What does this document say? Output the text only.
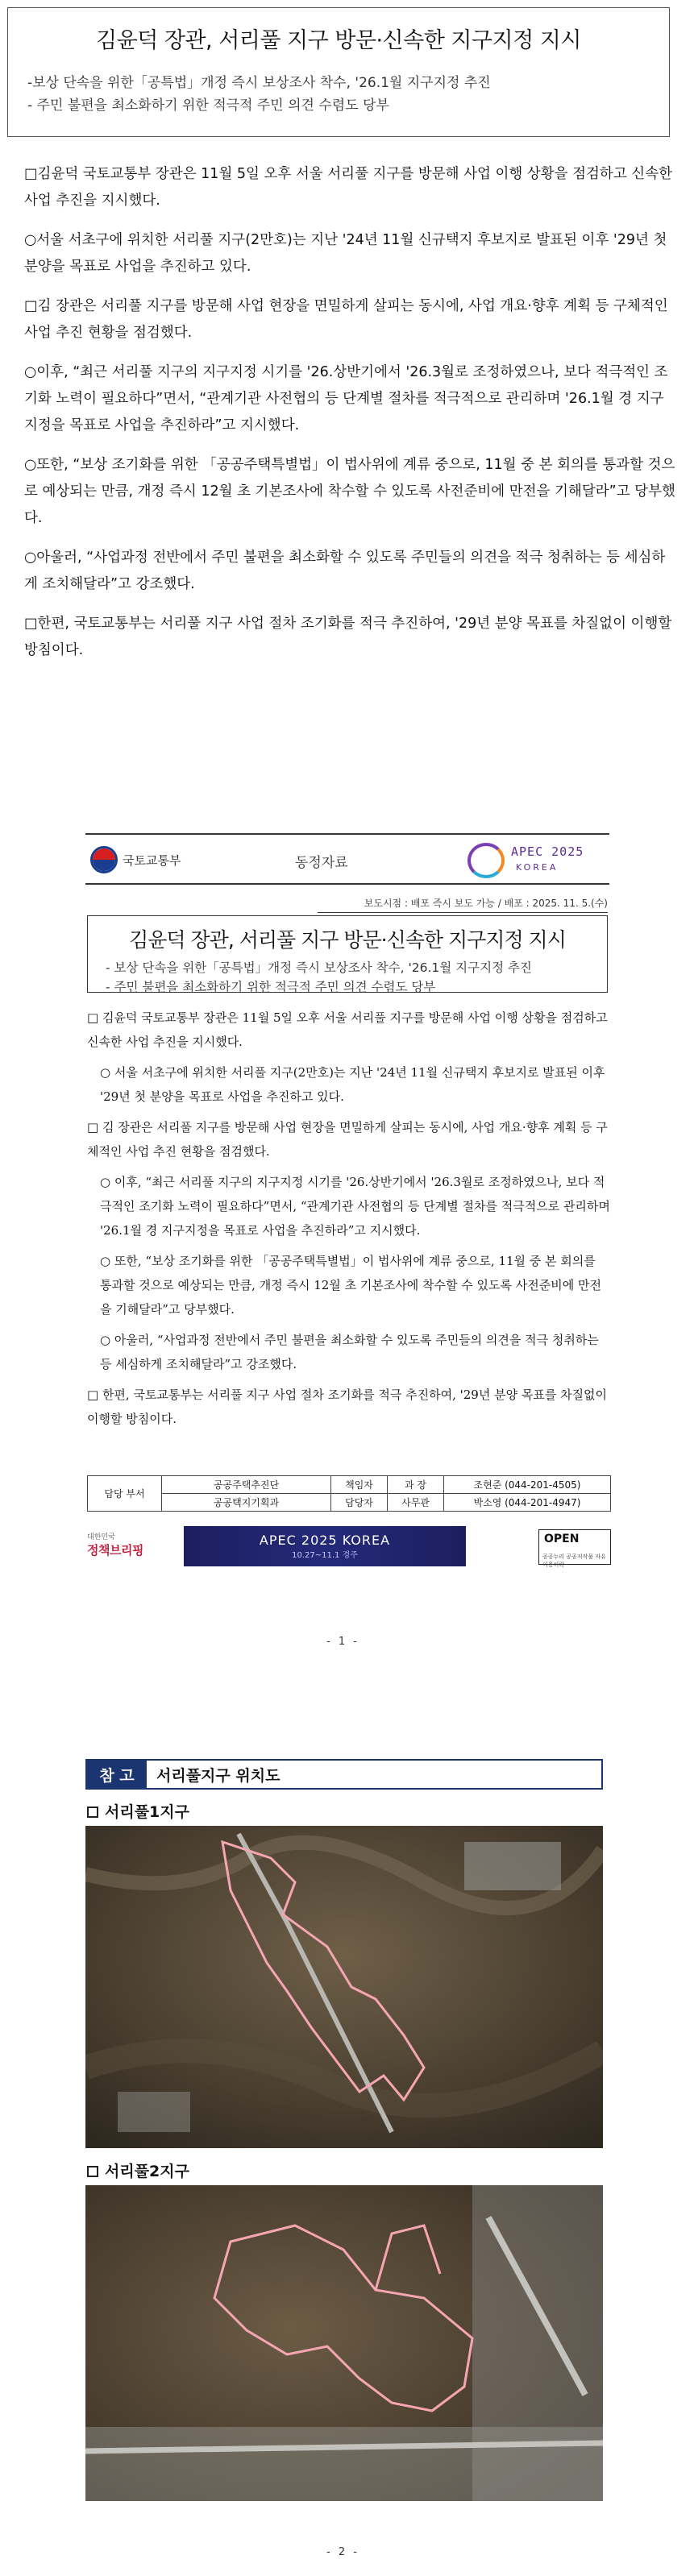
김윤덕 장관, 서리풀 지구 방문·신속한 지구지정 지시
-보상 단속을 위한「공특법」개정 즉시 보상조사 착수, '26.1월 지구지정 추진
- 주민 불편을 최소화하기 위한 적극적 주민 의견 수렴도 당부

□김윤덕 국토교통부 장관은 11월 5일 오후 서울 서리풀 지구를 방문해 사업 이행 상황을 점검하고 신속한 사업 추진을 지시했다.

○서울 서초구에 위치한 서리풀 지구(2만호)는 지난 '24년 11월 신규택지 후보지로 발표된 이후 '29년 첫 분양을 목표로 사업을 추진하고 있다.

□김 장관은 서리풀 지구를 방문해 사업 현장을 면밀하게 살피는 동시에, 사업 개요·향후 계획 등 구체적인 사업 추진 현황을 점검했다.

○이후, “최근 서리풀 지구의 지구지정 시기를 '26.상반기에서 '26.3월로 조정하였으나, 보다 적극적인 조기화 노력이 필요하다”면서, “관계기관 사전협의 등 단계별 절차를 적극적으로 관리하며 '26.1월 경 지구지정을 목표로 사업을 추진하라”고 지시했다.

○또한, “보상 조기화를 위한 「공공주택특별법」이 법사위에 계류 중으로, 11월 중 본 회의를 통과할 것으로 예상되는 만큼, 개정 즉시 12월 초 기본조사에 착수할 수 있도록 사전준비에 만전을 기해달라”고 당부했다.

○아울러, “사업과정 전반에서 주민 불편을 최소화할 수 있도록 주민들의 의견을 적극 청취하는 등 세심하게 조치해달라”고 강조했다.

□한편, 국토교통부는 서리풀 지구 사업 절차 조기화를 적극 추진하여, '29년 분양 목표를 차질없이 이행할 방침이다.

국토교통부	동정자료
APEC 2025
KOREA
보도시점 : 배포 즉시 보도 가능 / 배포 : 2025. 11. 5.(수)
김윤덕 장관, 서리풀 지구 방문·신속한 지구지정 지시
- 보상 단속을 위한「공특법」개정 즉시 보상조사 착수, '26.1월 지구지정 추진
- 주민 불편을 최소화하기 위한 적극적 주민 의견 수렴도 당부

□ 김윤덕 국토교통부 장관은 11월 5일 오후 서울 서리풀 지구를 방문해 사업 이행 상황을 점검하고 신속한 사업 추진을 지시했다.

○ 서울 서초구에 위치한 서리풀 지구(2만호)는 지난 '24년 11월 신규택지 후보지로 발표된 이후 '29년 첫 분양을 목표로 사업을 추진하고 있다.

□ 김 장관은 서리풀 지구를 방문해 사업 현장을 면밀하게 살피는 동시에, 사업 개요·향후 계획 등 구체적인 사업 추진 현황을 점검했다.

○ 이후, “최근 서리풀 지구의 지구지정 시기를 '26.상반기에서 '26.3월로 조정하였으나, 보다 적극적인 조기화 노력이 필요하다”면서, “관계기관 사전협의 등 단계별 절차를 적극적으로 관리하며 '26.1월 경 지구지정을 목표로 사업을 추진하라”고 지시했다.

○ 또한, “보상 조기화를 위한 「공공주택특별법」이 법사위에 계류 중으로, 11월 중 본 회의를 통과할 것으로 예상되는 만큼, 개정 즉시 12월 초 기본조사에 착수할 수 있도록 사전준비에 만전을 기해달라”고 당부했다.

○ 아울러, “사업과정 전반에서 주민 불편을 최소화할 수 있도록 주민들의 의견을 적극 청취하는 등 세심하게 조치해달라”고 강조했다.

□ 한편, 국토교통부는 서리풀 지구 사업 절차 조기화를 적극 추진하여, '29년 분양 목표를 차질없이 이행할 방침이다.

담당 부서	공공주택추진단	책임자	과 장	조현준 (044-201-4505)
	공공택지기획과	담당자	사무관	박소영 (044-201-4947)
대한민국
정책브리핑
APEC 2025 KOREA
10.27~11.1 경주
OPEN
공공누리 공공저작물 자유이용허락
- 1 -
참 고	서리풀지구 위치도
서리풀1지구
서리풀2지구
- 2 -
